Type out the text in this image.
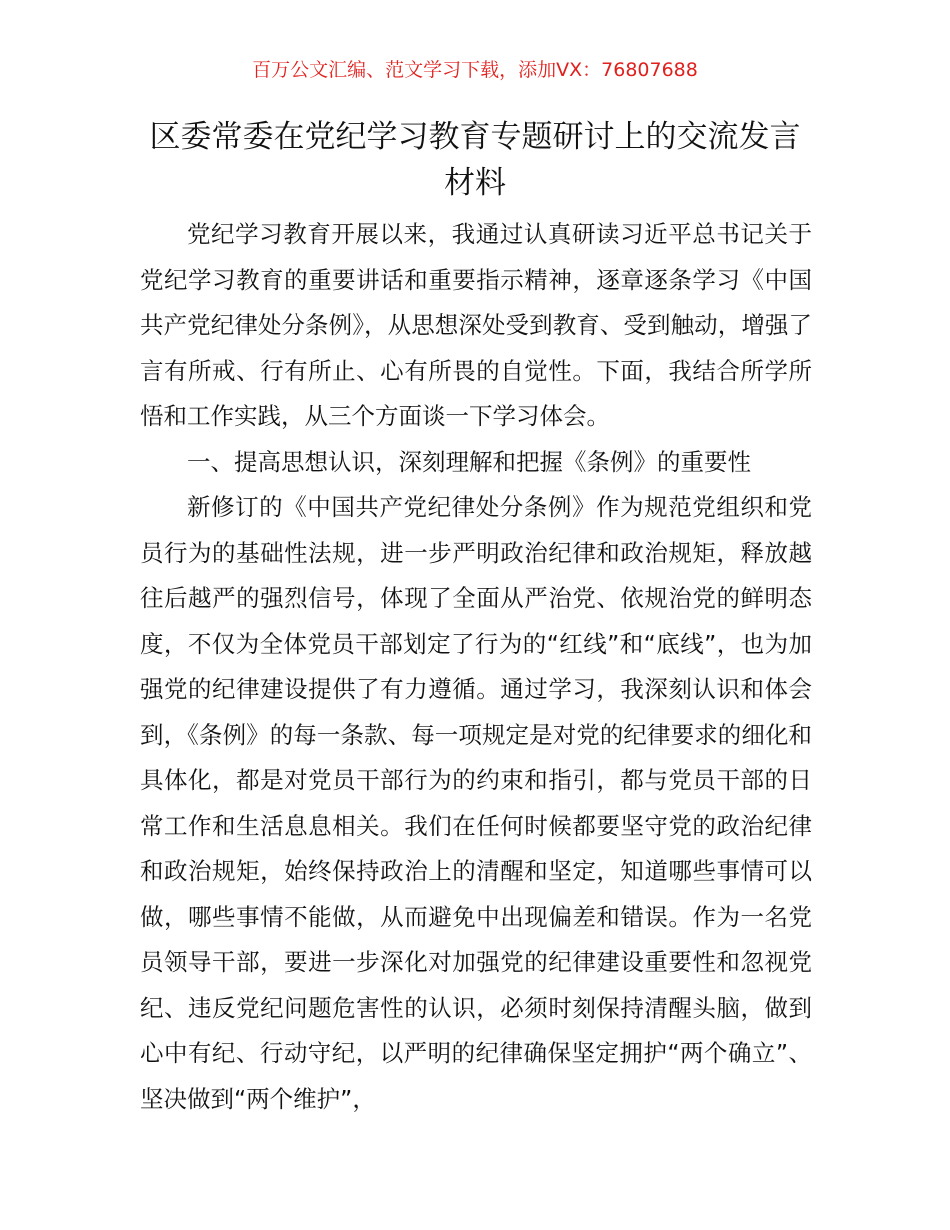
百万公文汇编、范文学习下载，添加VX：76807688
区委常委在党纪学习教育专题研讨上的交流发言材料

党纪学习教育开展以来，我通过认真研读习近平总书记关于党纪学习教育的重要讲话和重要指示精神，逐章逐条学习《中国共产党纪律处分条例》，从思想深处受到教育、受到触动，增强了言有所戒、行有所止、心有所畏的自觉性。下面，我结合所学所悟和工作实践，从三个方面谈一下学习体会。

一、提高思想认识，深刻理解和把握《条例》的重要性

新修订的《中国共产党纪律处分条例》作为规范党组织和党员行为的基础性法规，进一步严明政治纪律和政治规矩，释放越往后越严的强烈信号，体现了全面从严治党、依规治党的鲜明态度，不仅为全体党员干部划定了行为的“红线”和“底线”，也为加强党的纪律建设提供了有力遵循。通过学习，我深刻认识和体会到，《条例》的每一条款、每一项规定是对党的纪律要求的细化和具体化，都是对党员干部行为的约束和指引，都与党员干部的日常工作和生活息息相关。我们在任何时候都要坚守党的政治纪律和政治规矩，始终保持政治上的清醒和坚定，知道哪些事情可以做，哪些事情不能做，从而避免中出现偏差和错误。作为一名党员领导干部，要进一步深化对加强党的纪律建设重要性和忽视党纪、违反党纪问题危害性的认识，必须时刻保持清醒头脑，做到心中有纪、行动守纪，以严明的纪律确保坚定拥护“两个确立”、坚决做到“两个维护”，
